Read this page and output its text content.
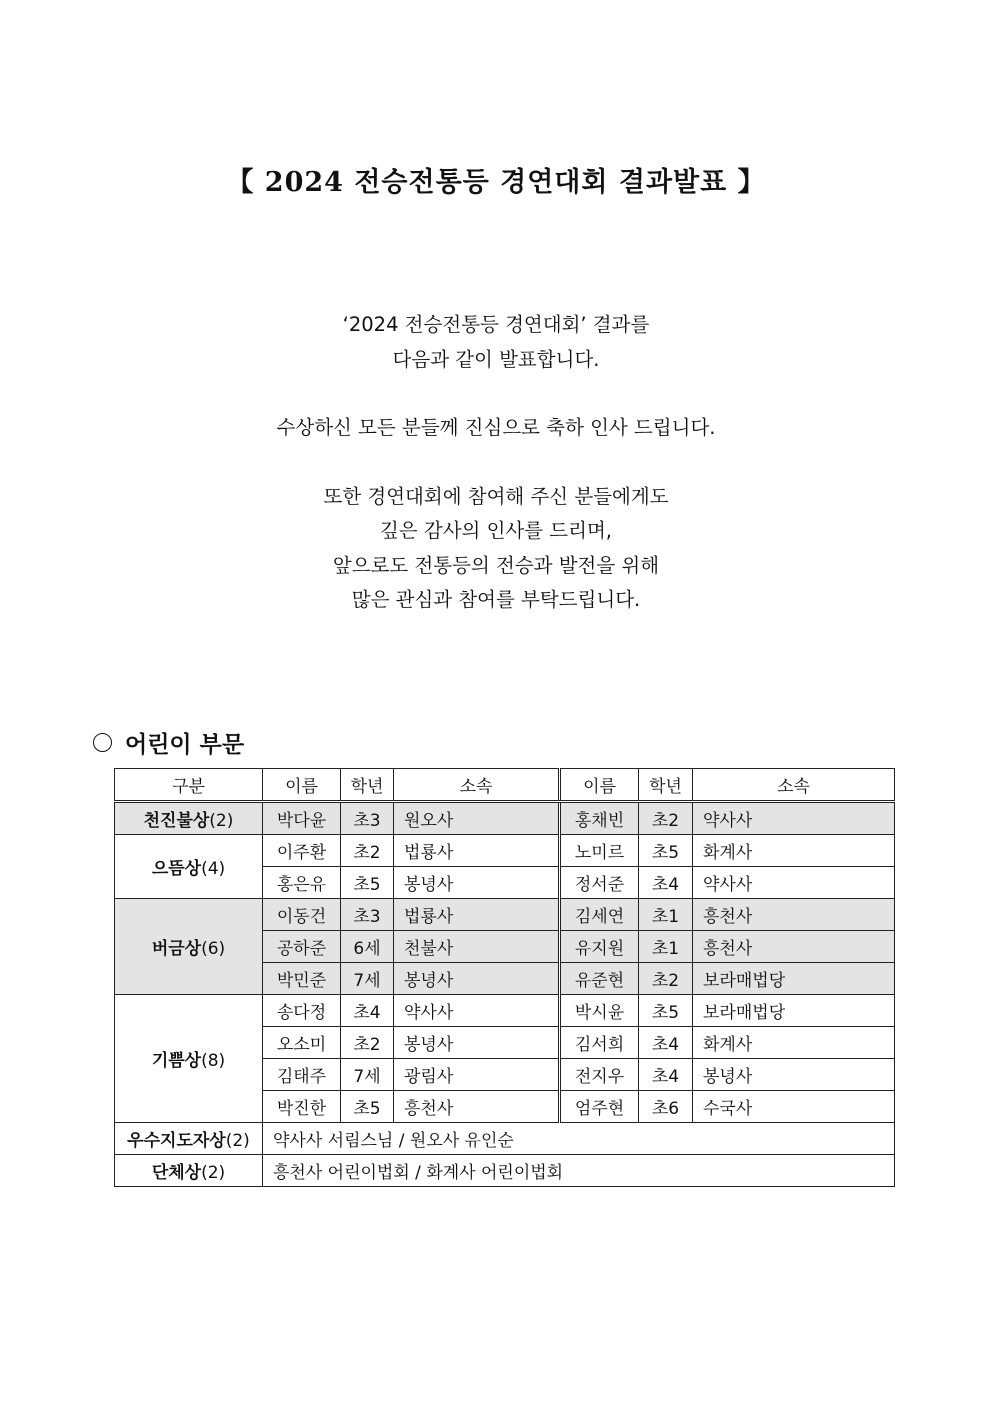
【 2024 전승전통등 경연대회 결과발표 】
‘2024 전승전통등 경연대회’ 결과를
다음과 같이 발표합니다.
수상하신 모든 분들께 진심으로 축하 인사 드립니다.
또한 경연대회에 참여해 주신 분들에게도
깊은 감사의 인사를 드리며,
앞으로도 전통등의 전승과 발전을 위해
많은 관심과 참여를 부탁드립니다.
어린이 부문
구분	이름	학년	소속	이름	학년	소속
천진불상(2)	박다윤	초3	원오사	홍채빈	초2	약사사
으뜸상(4)	이주환	초2	법룡사	노미르	초5	화계사
	홍은유	초5	봉녕사	정서준	초4	약사사
버금상(6)	이동건	초3	법룡사	김세연	초1	흥천사
	공하준	6세	천불사	유지원	초1	흥천사
	박민준	7세	봉녕사	유준현	초2	보라매법당
기쁨상(8)	송다정	초4	약사사	박시윤	초5	보라매법당
	오소미	초2	봉녕사	김서희	초4	화계사
	김태주	7세	광림사	전지우	초4	봉녕사
	박진한	초5	흥천사	엄주현	초6	수국사
우수지도자상(2)	약사사 서림스님 / 원오사 유인순					
단체상(2)	흥천사 어린이법회 / 화계사 어린이법회					
